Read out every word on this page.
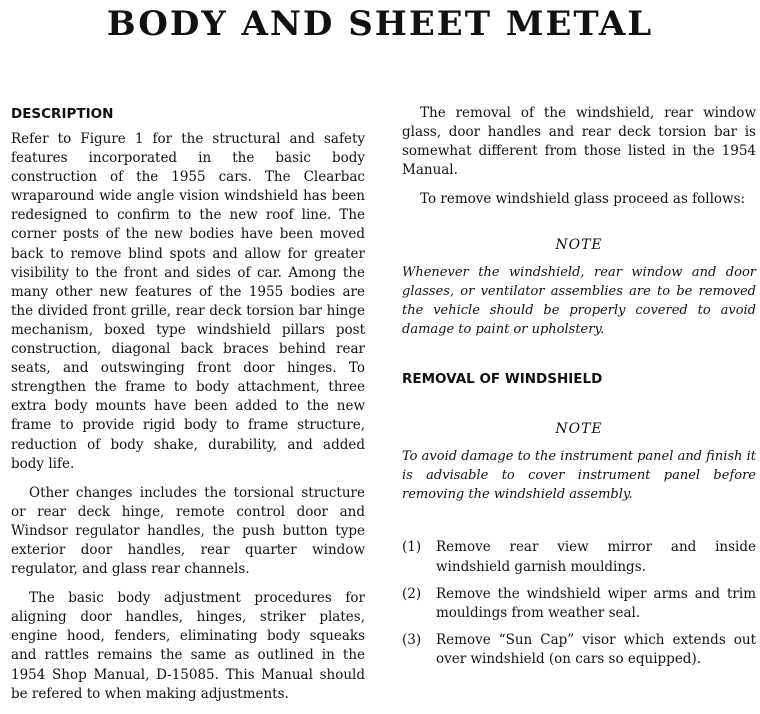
BODY AND SHEET METAL
DESCRIPTION

Refer to Figure 1 for the structural and safety features incorporated in the basic body construction of the 1955 cars. The Clearbac wraparound wide angle vision windshield has been redesigned to confirm to the new roof line. The corner posts of the new bodies have been moved back to remove blind spots and allow for greater visibility to the front and sides of car. Among the many other new features of the 1955 bodies are the divided front grille, rear deck torsion bar hinge mechanism, boxed type windshield pillars post construction, diagonal back braces behind rear seats, and outswinging front door hinges. To strengthen the frame to body attachment, three extra body mounts have been added to the new frame to provide rigid body to frame structure, reduction of body shake, durability, and added body life.

Other changes includes the torsional structure or rear deck hinge, remote control door and Windsor regulator handles, the push button type exterior door handles, rear quarter window regulator, and glass rear channels.

The basic body adjustment procedures for aligning door handles, hinges, striker plates, engine hood, fenders, eliminating body squeaks and rattles remains the same as outlined in the 1954 Shop Manual, D-15085. This Manual should be refered to when making adjustments.

The removal of the windshield, rear window glass, door handles and rear deck torsion bar is somewhat different from those listed in the 1954 Manual.

To remove windshield glass proceed as follows:

NOTE

Whenever the windshield, rear window and door glasses, or ventilator assemblies are to be removed the vehicle should be properly covered to avoid damage to paint or upholstery.

REMOVAL OF WINDSHIELD
NOTE

To avoid damage to the instrument panel and finish it is advisable to cover instrument panel before removing the windshield assembly.

(1)	Remove rear view mirror and inside windshield garnish mouldings.
(2)	Remove the windshield wiper arms and trim mouldings from weather seal.
(3)	Remove “Sun Cap” visor which extends out over windshield (on cars so equipped).
